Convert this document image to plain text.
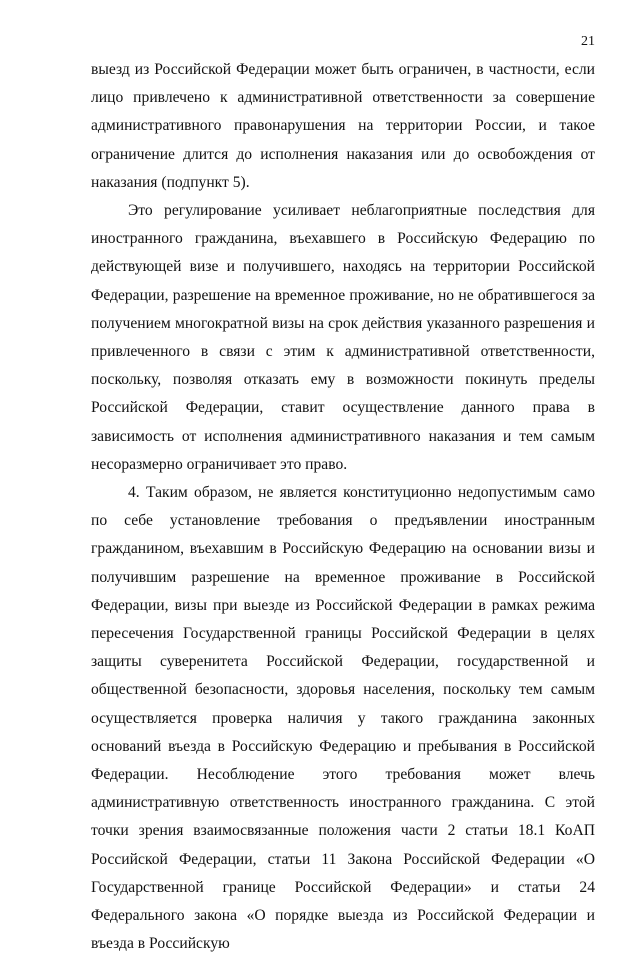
21

выезд из Российской Федерации может быть ограничен, в частности, если лицо привлечено к административной ответственности за совершение административного правонарушения на территории России, и такое ограничение длится до исполнения наказания или до освобождения от наказания (подпункт 5).

Это регулирование усиливает неблагоприятные последствия для иностранного гражданина, въехавшего в Российскую Федерацию по действующей визе и получившего, находясь на территории Российской Федерации, разрешение на временное проживание, но не обратившегося за получением многократной визы на срок действия указанного разрешения и привлеченного в связи с этим к административной ответственности, поскольку, позволяя отказать ему в возможности покинуть пределы Российской Федерации, ставит осуществление данного права в зависимость от исполнения административного наказания и тем самым несоразмерно ограничивает это право.

4. Таким образом, не является конституционно недопустимым само по себе установление требования о предъявлении иностранным гражданином, въехавшим в Российскую Федерацию на основании визы и получившим разрешение на временное проживание в Российской Федерации, визы при выезде из Российской Федерации в рамках режима пересечения Государственной границы Российской Федерации в целях защиты суверенитета Российской Федерации, государственной и общественной безопасности, здоровья населения, поскольку тем самым осуществляется проверка наличия у такого гражданина законных оснований въезда в Российскую Федерацию и пребывания в Российской Федерации. Несоблюдение этого требования может влечь административную ответственность иностранного гражданина. С этой точки зрения взаимосвязанные положения части 2 статьи 18.1 КоАП Российской Федерации, статьи 11 Закона Российской Федерации «О Государственной границе Российской Федерации» и статьи 24 Федерального закона «О порядке выезда из Российской Федерации и въезда в Российскую
